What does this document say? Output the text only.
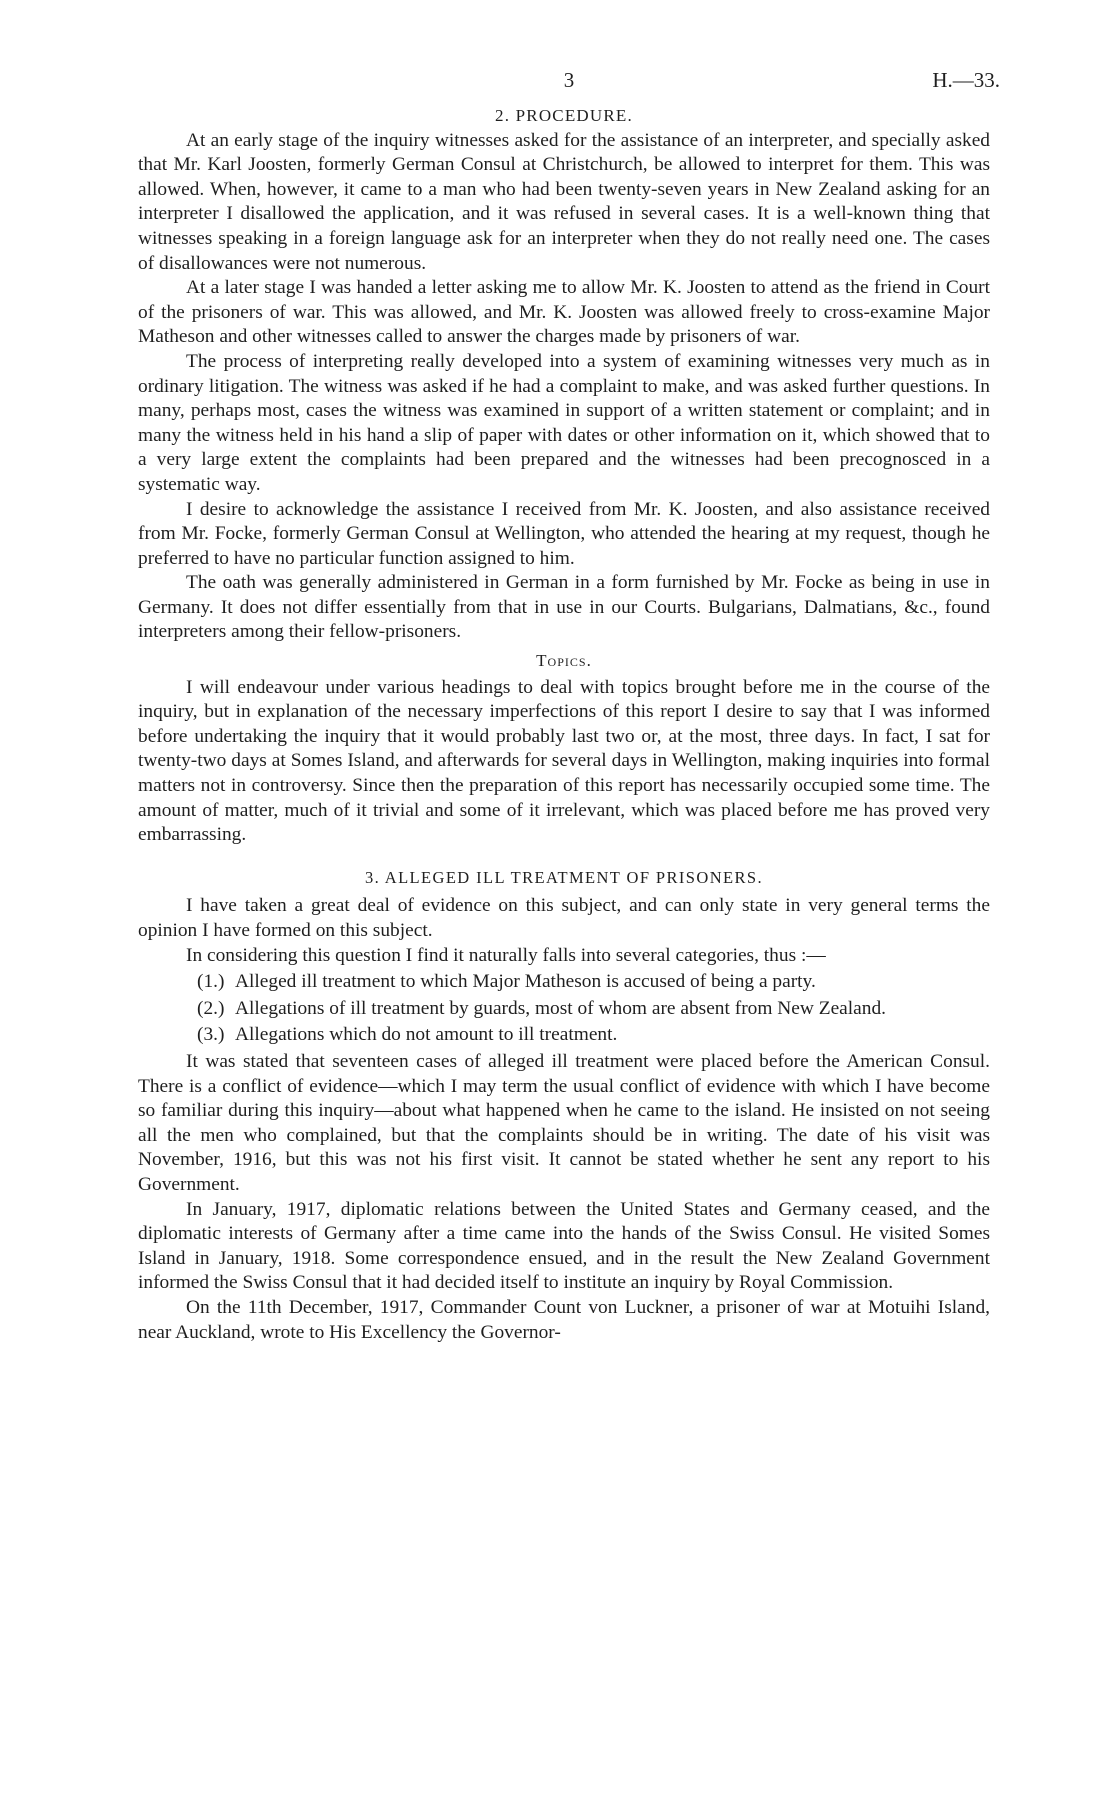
3	H.—33.
2. PROCEDURE.

At an early stage of the inquiry witnesses asked for the assistance of an interpreter, and specially asked that Mr. Karl Joosten, formerly German Consul at Christchurch, be allowed to interpret for them. This was allowed. When, however, it came to a man who had been twenty-seven years in New Zealand asking for an interpreter I disallowed the application, and it was refused in several cases. It is a well-known thing that witnesses speaking in a foreign language ask for an interpreter when they do not really need one. The cases of disallowances were not numerous.

At a later stage I was handed a letter asking me to allow Mr. K. Joosten to attend as the friend in Court of the prisoners of war. This was allowed, and Mr. K. Joosten was allowed freely to cross-examine Major Matheson and other witnesses called to answer the charges made by prisoners of war.

The process of interpreting really developed into a system of examining witnesses very much as in ordinary litigation. The witness was asked if he had a complaint to make, and was asked further questions. In many, perhaps most, cases the witness was examined in support of a written statement or complaint; and in many the witness held in his hand a slip of paper with dates or other information on it, which showed that to a very large extent the complaints had been prepared and the witnesses had been precognosced in a systematic way.

I desire to acknowledge the assistance I received from Mr. K. Joosten, and also assistance received from Mr. Focke, formerly German Consul at Wellington, who attended the hearing at my request, though he preferred to have no particular function assigned to him.

The oath was generally administered in German in a form furnished by Mr. Focke as being in use in Germany. It does not differ essentially from that in use in our Courts. Bulgarians, Dalmatians, &c., found interpreters among their fellow-prisoners.

Topics.

I will endeavour under various headings to deal with topics brought before me in the course of the inquiry, but in explanation of the necessary imperfections of this report I desire to say that I was informed before undertaking the inquiry that it would probably last two or, at the most, three days. In fact, I sat for twenty-two days at Somes Island, and afterwards for several days in Wellington, making inquiries into formal matters not in controversy. Since then the preparation of this report has necessarily occupied some time. The amount of matter, much of it trivial and some of it irrelevant, which was placed before me has proved very embarrassing.

3. ALLEGED ILL TREATMENT OF PRISONERS.

I have taken a great deal of evidence on this subject, and can only state in very general terms the opinion I have formed on this subject.

In considering this question I find it naturally falls into several categories, thus :—

(1.) Alleged ill treatment to which Major Matheson is accused of being a party.
(2.) Allegations of ill treatment by guards, most of whom are absent from New Zealand.
(3.) Allegations which do not amount to ill treatment.

It was stated that seventeen cases of alleged ill treatment were placed before the American Consul. There is a conflict of evidence—which I may term the usual conflict of evidence with which I have become so familiar during this inquiry—about what happened when he came to the island. He insisted on not seeing all the men who complained, but that the complaints should be in writing. The date of his visit was November, 1916, but this was not his first visit. It cannot be stated whether he sent any report to his Government.

In January, 1917, diplomatic relations between the United States and Germany ceased, and the diplomatic interests of Germany after a time came into the hands of the Swiss Consul. He visited Somes Island in January, 1918. Some correspondence ensued, and in the result the New Zealand Government informed the Swiss Consul that it had decided itself to institute an inquiry by Royal Commission.

On the 11th December, 1917, Commander Count von Luckner, a prisoner of war at Motuihi Island, near Auckland, wrote to His Excellency the Governor-
